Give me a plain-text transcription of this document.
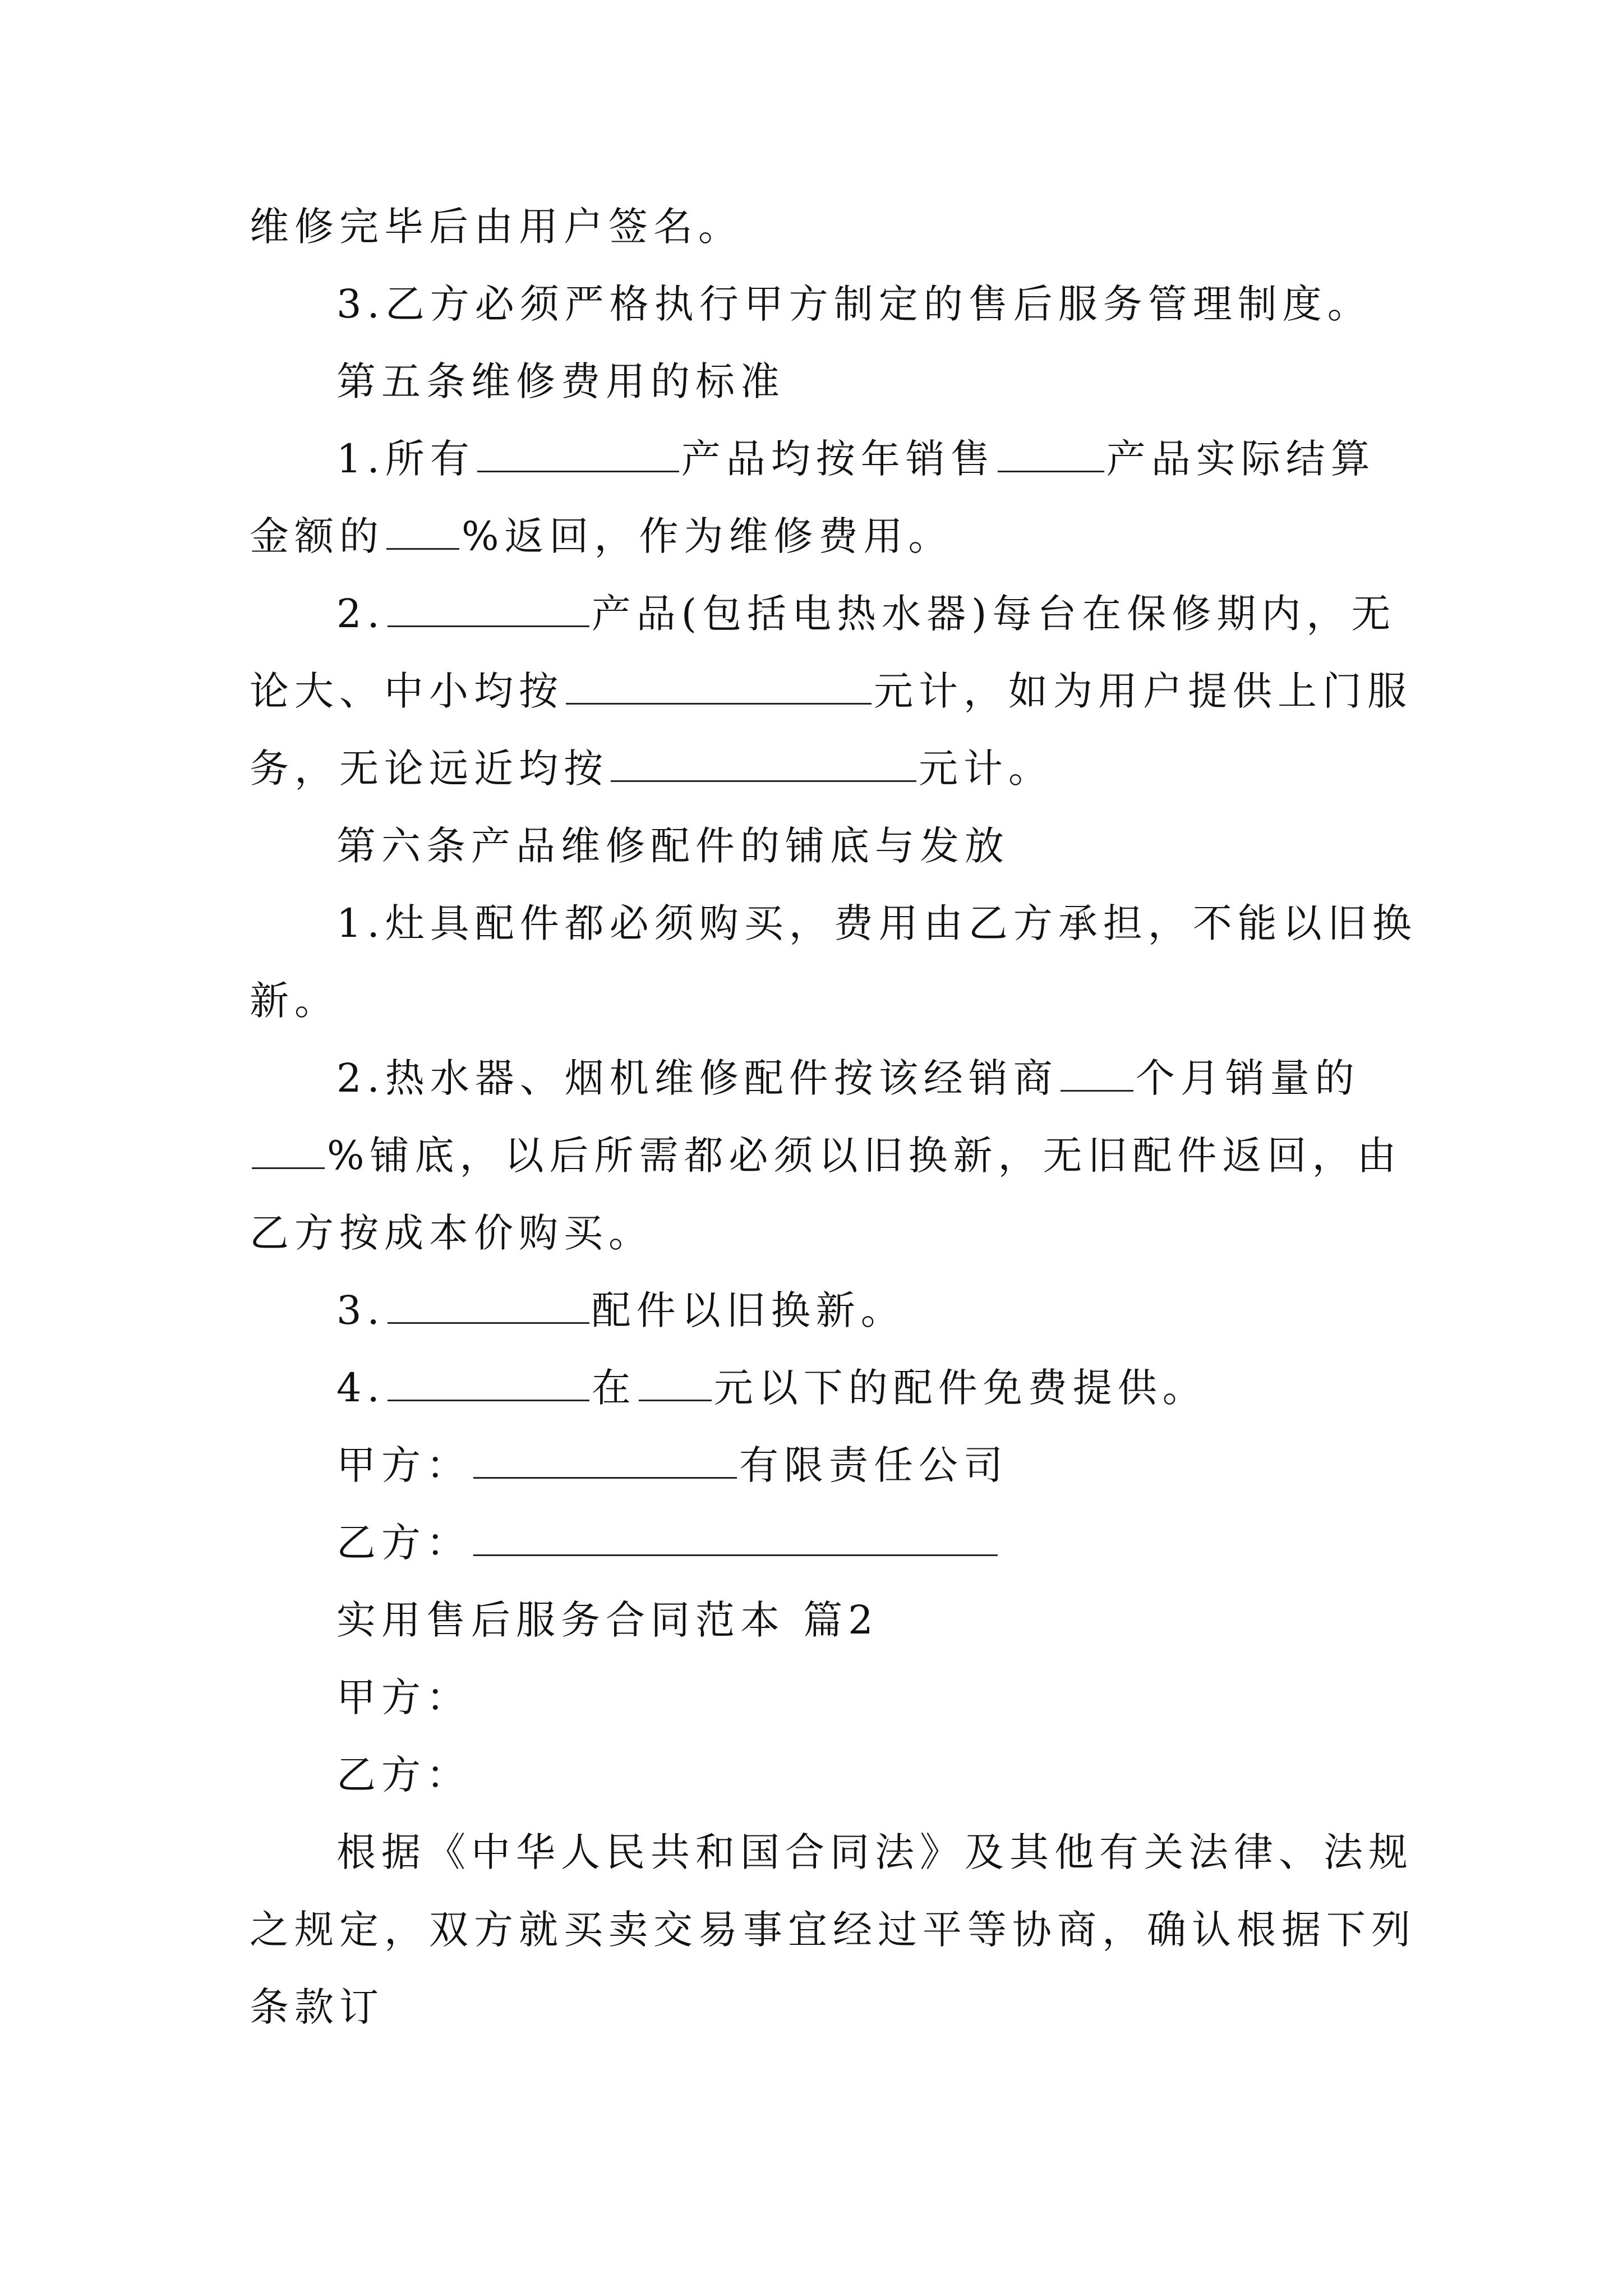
维修完毕后由用户签名。
3.乙方必须严格执行甲方制定的售后服务管理制度。
第五条维修费用的标准
1.所有	产品均按年销售	产品实际结算
金额的 %返回，作为维修费用。
2.	产品(包括电热水器)每台在保修期内，无
论大、中小均按	元计，如为用户提供上门服
务，无论远近均按	元计。
第六条产品维修配件的铺底与发放
1.灶具配件都必须购买，费用由乙方承担，不能以旧换
新。
2.热水器、烟机维修配件按该经销商 个月销量的
%铺底，以后所需都必须以旧换新，无旧配件返回，由
乙方按成本价购买。
3.	配件以旧换新。
4.	在 元以下的配件免费提供。
甲方：	有限责任公司
乙方：
实用售后服务合同范本 篇2
甲方：
乙方：
根据《中华人民共和国合同法》及其他有关法律、法规
之规定，双方就买卖交易事宜经过平等协商，确认根据下列
条款订
